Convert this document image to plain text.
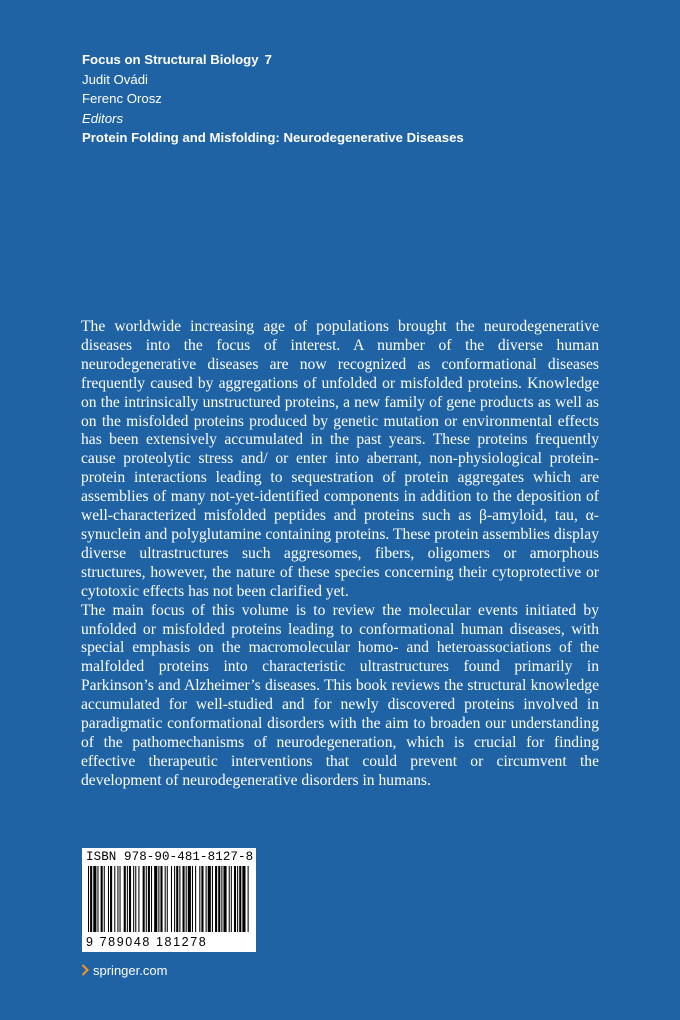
Focus on Structural Biology 7
Judit Ovádi
Ferenc Orosz
Editors
Protein Folding and Misfolding: Neurodegenerative Diseases

The worldwide increasing age of populations brought the neurodegenerative diseases into the focus of interest. A number of the diverse human neurodegenerative diseases are now recognized as conformational diseases frequently caused by aggregations of unfolded or misfolded proteins. Knowledge on the intrinsically unstructured proteins, a new family of gene products as well as on the misfolded proteins produced by genetic mutation or environmental effects has been extensively accumulated in the past years. These proteins frequently cause proteolytic stress and/ or enter into aberrant, non-physiological protein-protein interactions leading to sequestration of protein aggregates which are assemblies of many not-yet-identified components in addition to the deposition of well-characterized misfolded peptides and proteins such as β-amyloid, tau, α-synuclein and polyglutamine containing proteins. These protein assemblies display diverse ultrastructures such aggresomes, fibers, oligomers or amorphous structures, however, the nature of these species concerning their cytoprotective or cytotoxic effects has not been clarified yet.

The main focus of this volume is to review the molecular events initiated by unfolded or misfolded proteins leading to conformational human diseases, with special emphasis on the macromolecular homo- and heteroassociations of the malfolded proteins into characteristic ultrastructures found primarily in Parkinson’s and Alzheimer’s diseases. This book reviews the structural knowledge accumulated for well-studied and for newly discovered proteins involved in paradigmatic conformational disorders with the aim to broaden our understanding of the pathomechanisms of neurodegeneration, which is crucial for finding effective therapeutic interventions that could prevent or circumvent the development of neurodegenerative disorders in humans.

ISBN 978-90-481-8127-8
9 789048 181278
springer.com
